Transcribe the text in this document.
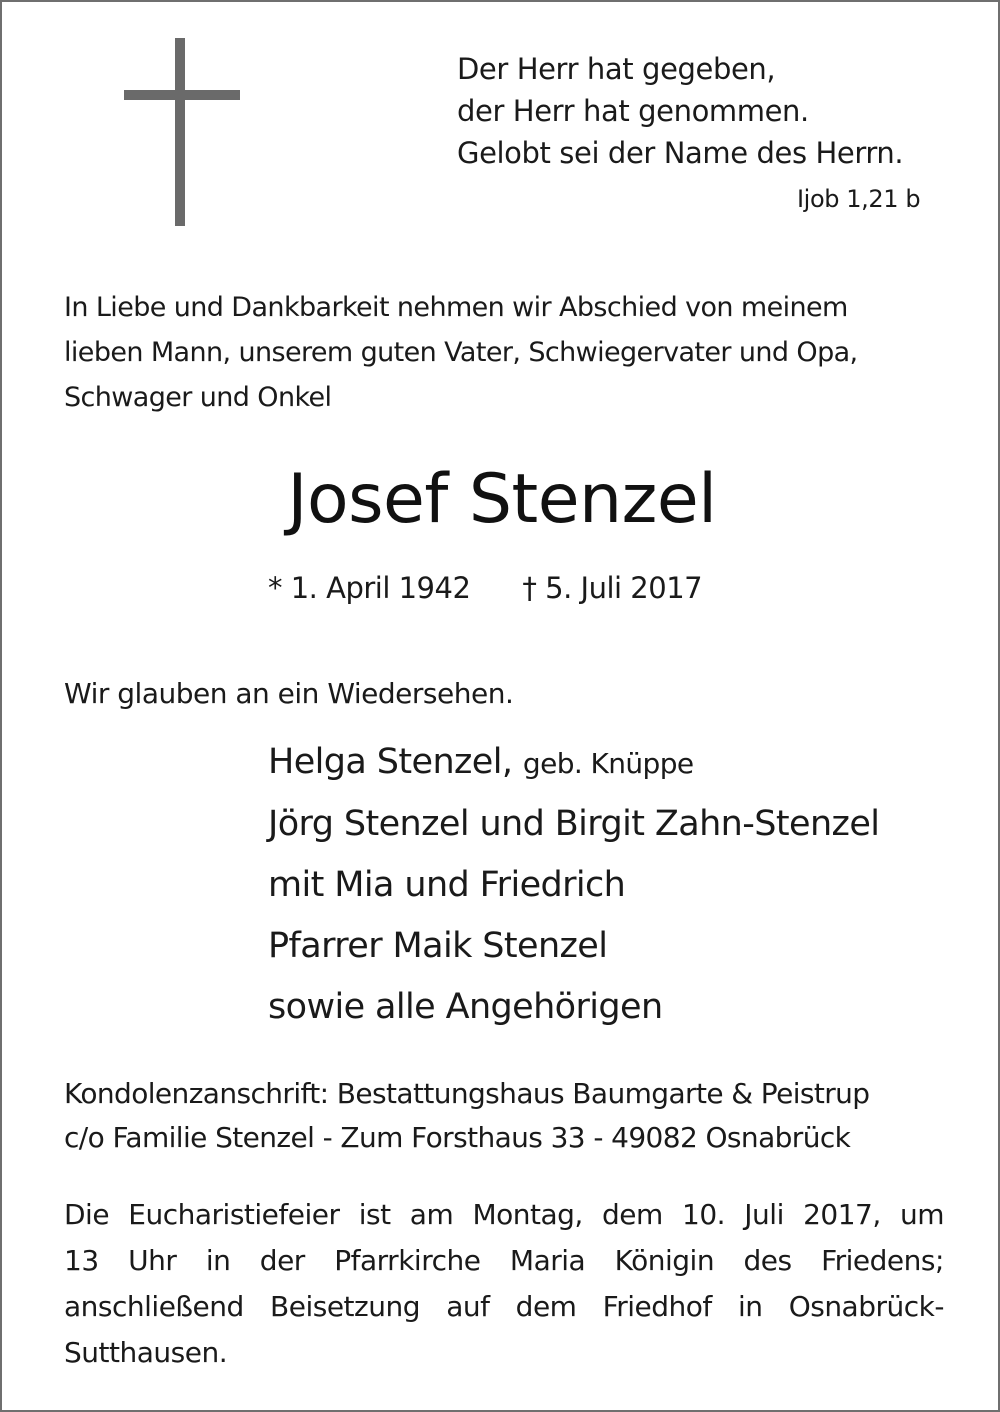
Der Herr hat gegeben,
der Herr hat genommen.
Gelobt sei der Name des Herrn.
Ijob 1,21 b
In Liebe und Dankbarkeit nehmen wir Abschied von meinem
lieben Mann, unserem guten Vater, Schwiegervater und Opa,
Schwager und Onkel
Josef Stenzel
* 1. April 1942 † 5. Juli 2017
Wir glauben an ein Wiedersehen.
Helga Stenzel, geb. Knüppe
Jörg Stenzel und Birgit Zahn-Stenzel
mit Mia und Friedrich
Pfarrer Maik Stenzel
sowie alle Angehörigen
Kondolenzanschrift: Bestattungshaus Baumgarte & Peistrup
c/o Familie Stenzel - Zum Forsthaus 33 - 49082 Osnabrück
Die Eucharistiefeier ist am Montag, dem 10. Juli 2017, um
13 Uhr in der Pfarrkirche Maria Königin des Friedens;
anschließend Beisetzung auf dem Friedhof in Osnabrück-
Sutthausen.
